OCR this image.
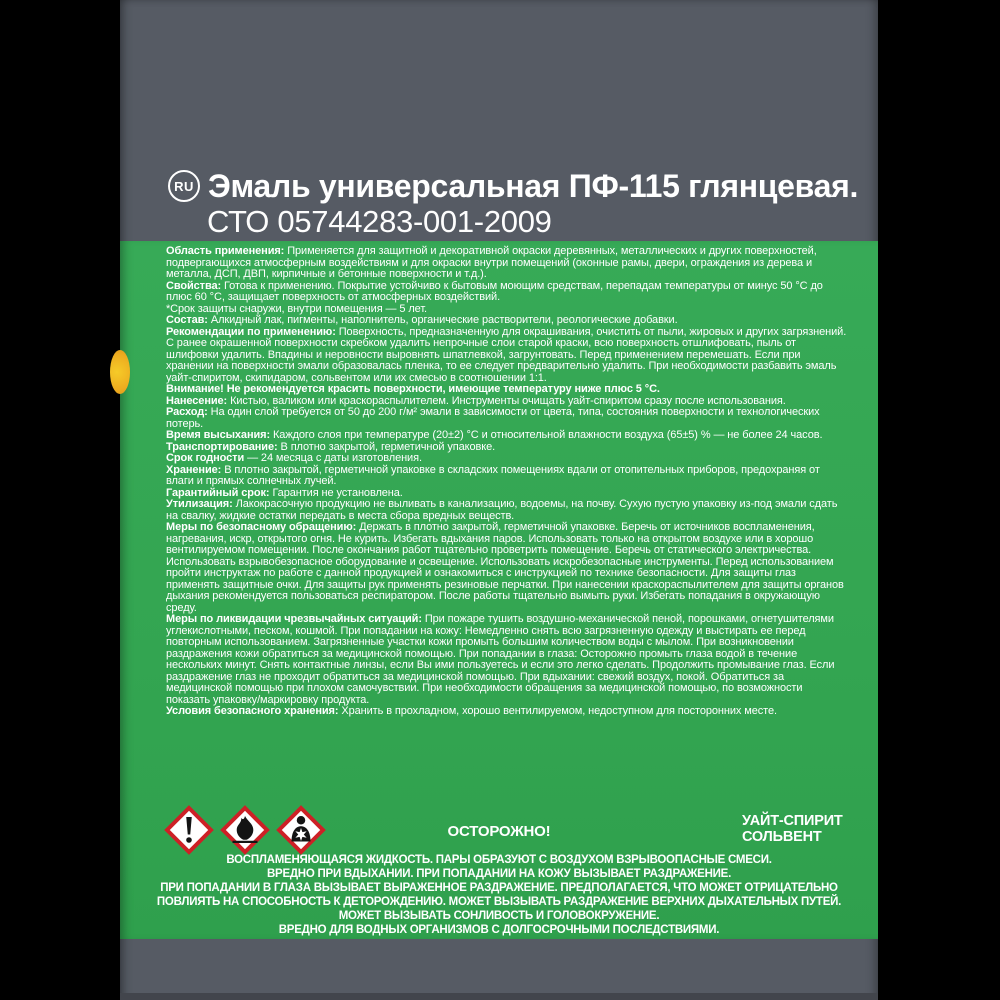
RU Эмаль универсальная ПФ-115 глянцевая.
СТО 05744283-001-2009

Область применения: Применяется для защитной и декоративной окраски деревянных, металлических и других поверхностей, подвергающихся атмосферным воздействиям и для окраски внутри помещений (оконные рамы, двери, ограждения из дерева и металла, ДСП, ДВП, кирпичные и бетонные поверхности и т.д.).

Свойства: Готова к применению. Покрытие устойчиво к бытовым моющим средствам, перепадам температуры от минус 50 °С до плюс 60 °С, защищает поверхность от атмосферных воздействий.

*Срок защиты снаружи, внутри помещения — 5 лет.

Состав: Алкидный лак, пигменты, наполнитель, органические растворители, реологические добавки.

Рекомендации по применению: Поверхность, предназначенную для окрашивания, очистить от пыли, жировых и других загрязнений. С ранее окрашенной поверхности скребком удалить непрочные слои старой краски, всю поверхность отшлифовать, пыль от шлифовки удалить. Впадины и неровности выровнять шпатлевкой, загрунтовать. Перед применением перемешать. Если при хранении на поверхности эмали образовалась пленка, то ее следует предварительно удалить. При необходимости разбавить эмаль уайт-спиритом, скипидаром, сольвентом или их смесью в соотношении 1:1.

Внимание! Не рекомендуется красить поверхности, имеющие температуру ниже плюс 5 °С.

Нанесение: Кистью, валиком или краскораспылителем. Инструменты очищать уайт-спиритом сразу после использования.

Расход: На один слой требуется от 50 до 200 г/м² эмали в зависимости от цвета, типа, состояния поверхности и технологических потерь.

Время высыхания: Каждого слоя при температуре (20±2) °С и относительной влажности воздуха (65±5) % — не более 24 часов.

Транспортирование: В плотно закрытой, герметичной упаковке.

Срок годности — 24 месяца с даты изготовления.

Хранение: В плотно закрытой, герметичной упаковке в складских помещениях вдали от отопительных приборов, предохраняя от влаги и прямых солнечных лучей.

Гарантийный срок: Гарантия не установлена.

Утилизация: Лакокрасочную продукцию не выливать в канализацию, водоемы, на почву. Сухую пустую упаковку из-под эмали сдать на свалку, жидкие остатки передать в места сбора вредных веществ.

Меры по безопасному обращению: Держать в плотно закрытой, герметичной упаковке. Беречь от источников воспламенения, нагревания, искр, открытого огня. Не курить. Избегать вдыхания паров. Использовать только на открытом воздухе или в хорошо вентилируемом помещении. После окончания работ тщательно проветрить помещение. Беречь от статического электричества. Использовать взрывобезопасное оборудование и освещение. Использовать искробезопасные инструменты. Перед использованием пройти инструктаж по работе с данной продукцией и ознакомиться с инструкцией по технике безопасности. Для защиты глаз применять защитные очки. Для защиты рук применять резиновые перчатки. При нанесении краскораспылителем для защиты органов дыхания рекомендуется пользоваться респиратором. После работы тщательно вымыть руки. Избегать попадания в окружающую среду.

Меры по ликвидации чрезвычайных ситуаций: При пожаре тушить воздушно-механической пеной, порошками, огнетушителями углекислотными, песком, кошмой. При попадании на кожу: Немедленно снять всю загрязненную одежду и выстирать ее перед повторным использованием. Загрязненные участки кожи промыть большим количеством воды с мылом. При возникновении раздражения кожи обратиться за медицинской помощью. При попадании в глаза: Осторожно промыть глаза водой в течение нескольких минут. Снять контактные линзы, если Вы ими пользуетесь и если это легко сделать. Продолжить промывание глаз. Если раздражение глаз не проходит обратиться за медицинской помощью. При вдыхании: свежий воздух, покой. Обратиться за медицинской помощью при плохом самочувствии. При необходимости обращения за медицинской помощью, по возможности показать упаковку/маркировку продукта.

Условия безопасного хранения: Хранить в прохладном, хорошо вентилируемом, недоступном для посторонних месте.

ОСТОРОЖНО!
УАЙТ-СПИРИТ
СОЛЬВЕНТ
ВОСПЛАМЕНЯЮЩАЯСЯ ЖИДКОСТЬ. ПАРЫ ОБРАЗУЮТ С ВОЗДУХОМ ВЗРЫВООПАСНЫЕ СМЕСИ.
ВРЕДНО ПРИ ВДЫХАНИИ. ПРИ ПОПАДАНИИ НА КОЖУ ВЫЗЫВАЕТ РАЗДРАЖЕНИЕ.
ПРИ ПОПАДАНИИ В ГЛАЗА ВЫЗЫВАЕТ ВЫРАЖЕННОЕ РАЗДРАЖЕНИЕ. ПРЕДПОЛАГАЕТСЯ, ЧТО МОЖЕТ ОТРИЦАТЕЛЬНО
ПОВЛИЯТЬ НА СПОСОБНОСТЬ К ДЕТОРОЖДЕНИЮ. МОЖЕТ ВЫЗЫВАТЬ РАЗДРАЖЕНИЕ ВЕРХНИХ ДЫХАТЕЛЬНЫХ ПУТЕЙ.
МОЖЕТ ВЫЗЫВАТЬ СОНЛИВОСТЬ И ГОЛОВОКРУЖЕНИЕ.
ВРЕДНО ДЛЯ ВОДНЫХ ОРГАНИЗМОВ С ДОЛГОСРОЧНЫМИ ПОСЛЕДСТВИЯМИ.
